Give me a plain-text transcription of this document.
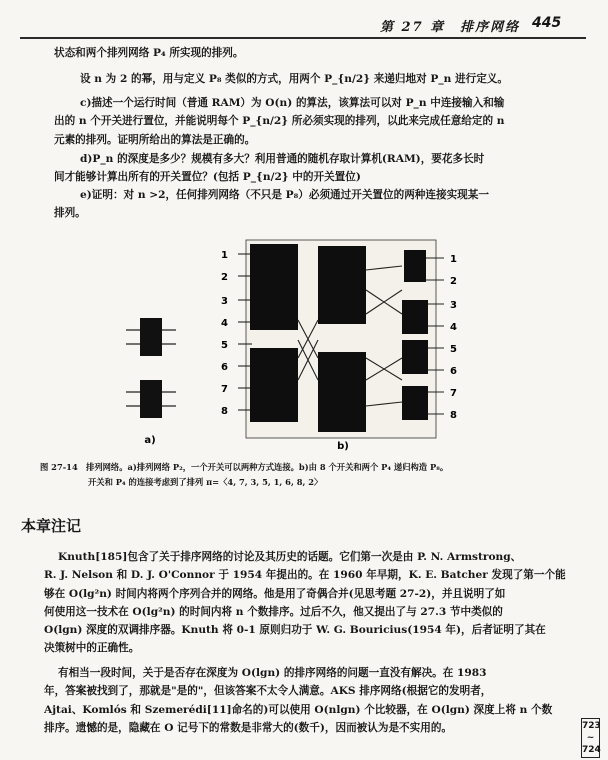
第 27 章　排序网络 445
状态和两个排列网络 P₄ 所实现的排列。
设 n 为 2 的幂，用与定义 P₈ 类似的方式，用两个 P_{n/2} 来递归地对 P_n 进行定义。
c)描述一个运行时间（普通 RAM）为 O(n) 的算法，该算法可以对 P_n 中连接输入和输
出的 n 个开关进行置位，并能说明每个 P_{n/2} 所必须实现的排列，以此来完成任意给定的 n
元素的排列。证明所给出的算法是正确的。
d)P_n 的深度是多少？规模有多大？利用普通的随机存取计算机(RAM)，要花多长时
间才能够计算出所有的开关置位？(包括 P_{n/2} 中的开关置位)
e)证明：对 n >2，任何排列网络（不只是 P₈）必须通过开关置位的两种连接实现某一
排列。
a)
1
2
3
4
5
6
7
8
1
2
3
4
5
6
7
8
b)
图 27-14　排列网络。a)排列网络 P₂，一个开关可以两种方式连接。b)由 8 个开关和两个 P₄ 递归构造 P₈。
开关和 P₄ 的连接考虑到了排列 π=〈4, 7, 3, 5, 1, 6, 8, 2〉
本章注记
Knuth[185]包含了关于排序网络的讨论及其历史的话题。它们第一次是由 P. N. Armstrong、
R. J. Nelson 和 D. J. O'Connor 于 1954 年提出的。在 1960 年早期，K. E. Batcher 发现了第一个能
够在 O(lg²n) 时间内将两个序列合并的网络。他是用了奇偶合并(见思考题 27-2)，并且说明了如
何使用这一技术在 O(lg²n) 的时间内将 n 个数排序。过后不久，他又提出了与 27.3 节中类似的
O(lgn) 深度的双调排序器。Knuth 将 0-1 原则归功于 W. G. Bouricius(1954 年)，后者证明了其在
决策树中的正确性。
有相当一段时间，关于是否存在深度为 O(lgn) 的排序网络的问题一直没有解决。在 1983
年，答案被找到了，那就是"是的"，但该答案不太令人满意。AKS 排序网络(根据它的发明者，
Ajtai、Komlós 和 Szemerédi[11]命名的)可以使用 O(nlgn) 个比较器，在 O(lgn) 深度上将 n 个数
排序。遗憾的是，隐藏在 O 记号下的常数是非常大的(数千)，因而被认为是不实用的。	723
~
724
